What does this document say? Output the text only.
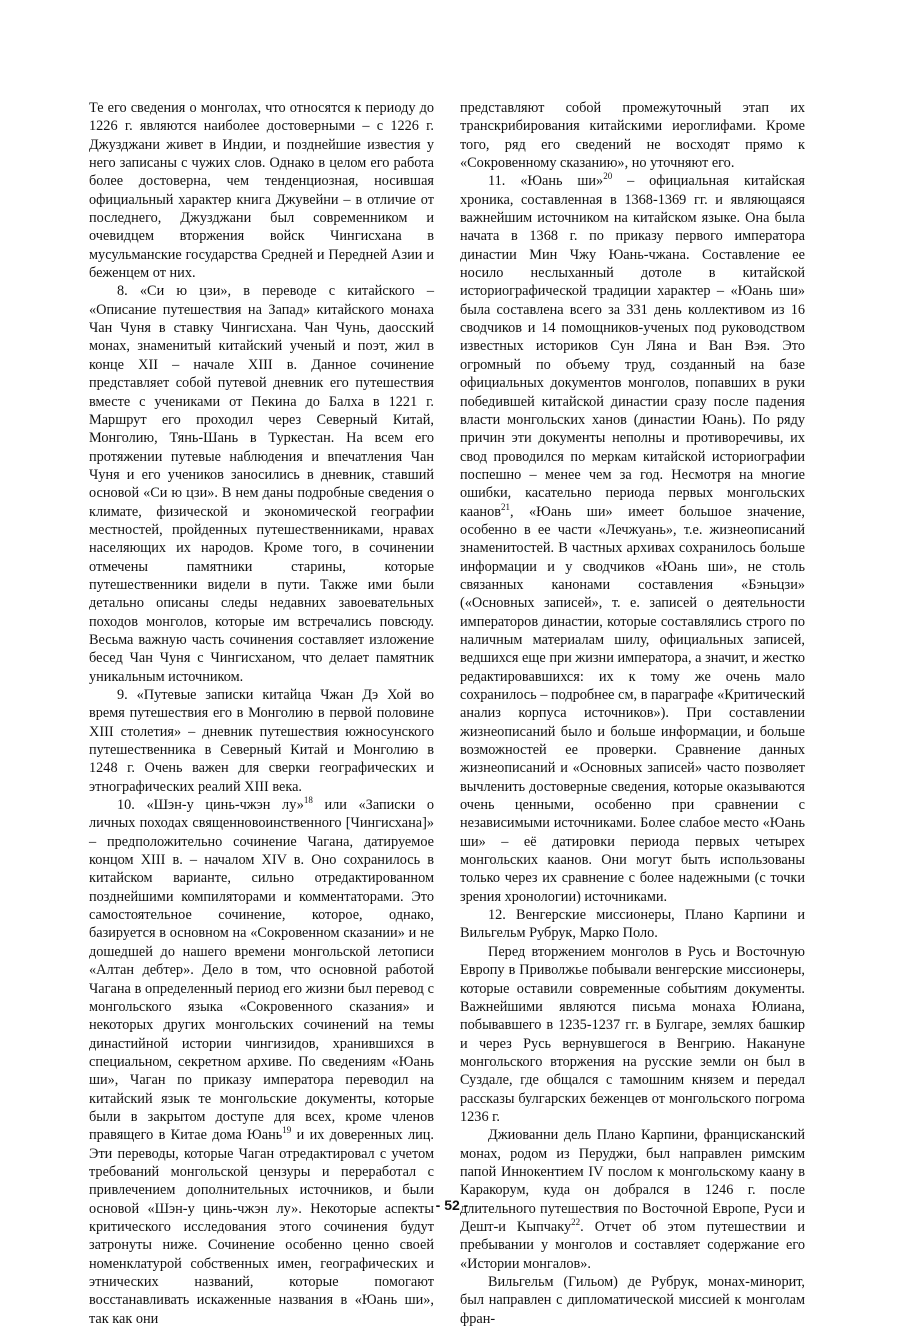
Те его сведения о монголах, что относятся к периоду до 1226 г. являются наиболее достоверными – с 1226 г. Джузджани живет в Индии, и позднейшие известия у него записаны с чужих слов. Однако в целом его работа более достоверна, чем тенденциозная, носившая официальный характер книга Джувейни – в отличие от последнего, Джузджани был современником и очевидцем вторжения войск Чингисхана в мусульманские государства Средней и Передней Азии и беженцем от них.

8. «Си ю цзи», в переводе с китайского – «Описание путешествия на Запад» китайского монаха Чан Чуня в ставку Чингисхана. Чан Чунь, даосский монах, знаменитый китайский ученый и поэт, жил в конце XII – начале XIII в. Данное сочинение представляет собой путевой дневник его путешествия вместе с учениками от Пекина до Балха в 1221 г. Маршрут его проходил через Северный Китай, Монголию, Тянь-Шань в Туркестан. На всем его протяжении путевые наблюдения и впечатления Чан Чуня и его учеников заносились в дневник, ставший основой «Си ю цзи». В нем даны подробные сведения о климате, физической и экономической географии местностей, пройденных путешественниками, нравах населяющих их народов. Кроме того, в сочинении отмечены памятники старины, которые путешественники видели в пути. Также ими были детально описаны следы недавних завоевательных походов монголов, которые им встречались повсюду. Весьма важную часть сочинения составляет изложение бесед Чан Чуня с Чингисханом, что делает памятник уникальным источником.

9. «Путевые записки китайца Чжан Дэ Хой во время путешествия его в Монголию в первой половине XIII столетия» – дневник путешествия южносунского путешественника в Северный Китай и Монголию в 1248 г. Очень важен для сверки географических и этнографических реалий XIII века.

10. «Шэн-у цинь-чжэн лу»$^{18}$ или «Записки о личных походах священновоинственного [Чингисхана]» – предположительно сочинение Чагана, датируемое концом XIII в. – началом XIV в. Оно сохранилось в китайском варианте, сильно отредактированном позднейшими компиляторами и комментаторами. Это самостоятельное сочинение, которое, однако, базируется в основном на «Сокровенном сказании» и не дошедшей до нашего времени монгольской летописи «Алтан дебтер». Дело в том, что основной работой Чагана в определенный период его жизни был перевод с монгольского языка «Сокровенного сказания» и некоторых других монгольских сочинений на темы династийной истории чингизидов, хранившихся в специальном, секретном архиве. По сведениям «Юань ши», Чаган по приказу императора переводил на китайский язык те монгольские документы, которые были в закрытом доступе для всех, кроме членов правящего в Китае дома Юань$^{19}$ и их доверенных лиц. Эти переводы, которые Чаган отредактировал с учетом требований монгольской цензуры и переработал с привлечением дополнительных источников, и были основой «Шэн-у цинь-чжэн лу». Некоторые аспекты критического исследования этого сочинения будут затронуты ниже. Сочинение особенно ценно своей номенклатурой собственных имен, географических и этнических названий, которые помогают восстанавливать искаженные названия в «Юань ши», так как они

представляют собой промежуточный этап их транскрибирования китайскими иероглифами. Кроме того, ряд его сведений не восходят прямо к «Сокровенному сказанию», но уточняют его.

11. «Юань ши»$^{20}$ – официальная китайская хроника, составленная в 1368-1369 гг. и являющаяся важнейшим источником на китайском языке. Она была начата в 1368 г. по приказу первого императора династии Мин Чжу Юань-чжана. Составление ее носило неслыханный дотоле в китайской историографической традиции характер – «Юань ши» была составлена всего за 331 день коллективом из 16 сводчиков и 14 помощников-ученых под руководством известных историков Сун Ляна и Ван Вэя. Это огромный по объему труд, созданный на базе официальных документов монголов, попавших в руки победившей китайской династии сразу после падения власти монгольских ханов (династии Юань). По ряду причин эти документы неполны и противоречивы, их свод проводился по меркам китайской историографии поспешно – менее чем за год. Несмотря на многие ошибки, касательно периода первых монгольских каанов$^{21}$, «Юань ши» имеет большое значение, особенно в ее части «Лечжуань», т.е. жизнеописаний знаменитостей. В частных архивах сохранилось больше информации и у сводчиков «Юань ши», не столь связанных канонами составления «Бэньцзи» («Основных записей», т. е. записей о деятельности императоров династии, которые составлялись строго по наличным материалам шилу, официальных записей, ведшихся еще при жизни императора, а значит, и жестко редактировавшихся: их к тому же очень мало сохранилось – подробнее см, в параграфе «Критический анализ корпуса источников»). При составлении жизнеописаний было и больше информации, и больше возможностей ее проверки. Сравнение данных жизнеописаний и «Основных записей» часто позволяет вычленить достоверные сведения, которые оказываются очень ценными, особенно при сравнении с независимыми источниками. Более слабое место «Юань ши» – её датировки периода первых четырех монгольских каанов. Они могут быть использованы только через их сравнение с более надежными (с точки зрения хронологии) источниками.

12. Венгерские миссионеры, Плано Карпини и Вильгельм Рубрук, Марко Поло.

Перед вторжением монголов в Русь и Восточную Европу в Приволжье побывали венгерские миссионеры, которые оставили современные событиям документы. Важнейшими являются письма монаха Юлиана, побывавшего в 1235-1237 гг. в Булгаре, землях башкир и через Русь вернувшегося в Венгрию. Накануне монгольского вторжения на русские земли он был в Суздале, где общался с тамошним князем и передал рассказы булгарских беженцев от монгольского погрома 1236 г.

Джиованни дель Плано Карпини, францисканский монах, родом из Перуджи, был направлен римским папой Иннокентием IV послом к монгольскому каану в Каракорум, куда он добрался в 1246 г. после длительного путешествия по Восточной Европе, Руси и Дешт-и Кыпчаку$^{22}$. Отчет об этом путешествии и пребывании у монголов и составляет содержание его «Истории монгалов».

Вильгельм (Гильом) де Рубрук, монах-минорит, был направлен с дипломатической миссией к монголам фран-

- 52 -
